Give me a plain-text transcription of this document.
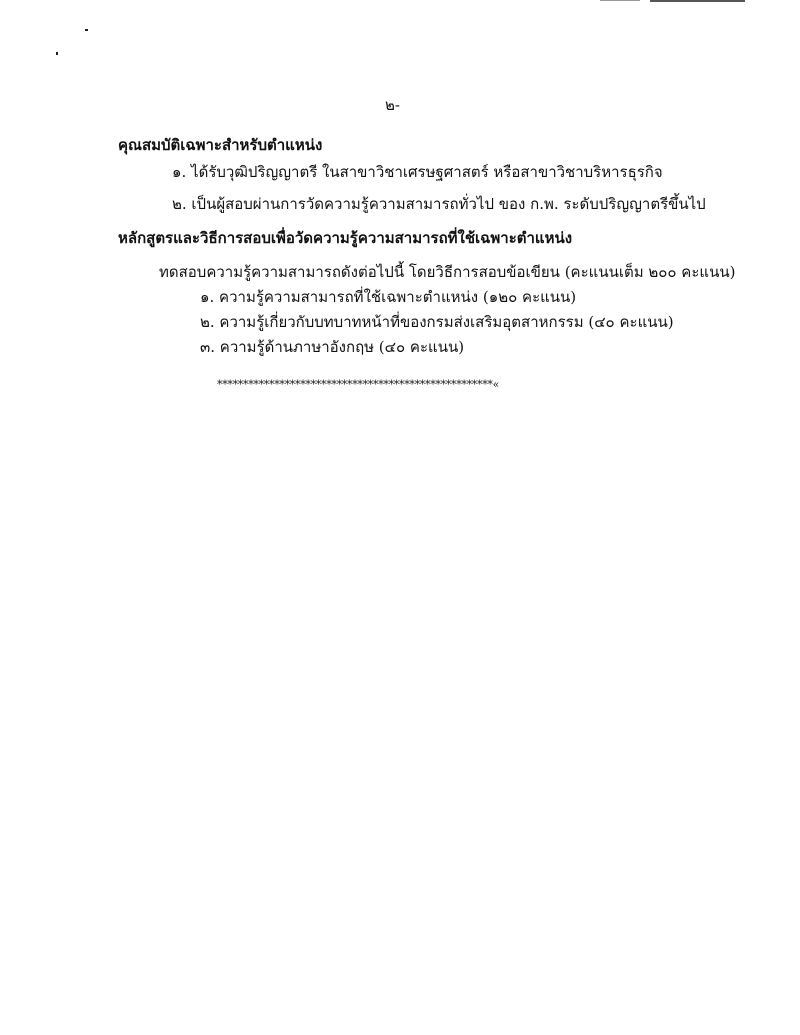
๒-
คุณสมบัติเฉพาะสำหรับตำแหน่ง
๑. ได้รับวุฒิปริญญาตรี ในสาขาวิชาเศรษฐศาสตร์ หรือสาขาวิชาบริหารธุรกิจ
๒. เป็นผู้สอบผ่านการวัดความรู้ความสามารถทั่วไป ของ ก.พ. ระดับปริญญาตรีขึ้นไป
หลักสูตรและวิธีการสอบเพื่อวัดความรู้ความสามารถที่ใช้เฉพาะตำแหน่ง
ทดสอบความรู้ความสามารถดังต่อไปนี้ โดยวิธีการสอบข้อเขียน (คะแนนเต็ม ๒๐๐ คะแนน)
๑. ความรู้ความสามารถที่ใช้เฉพาะตำแหน่ง (๑๒๐ คะแนน)
๒. ความรู้เกี่ยวกับบทบาทหน้าที่ของกรมส่งเสริมอุตสาหกรรม (๔๐ คะแนน)
๓. ความรู้ด้านภาษาอังกฤษ (๔๐ คะแนน)
*****************************************************«
